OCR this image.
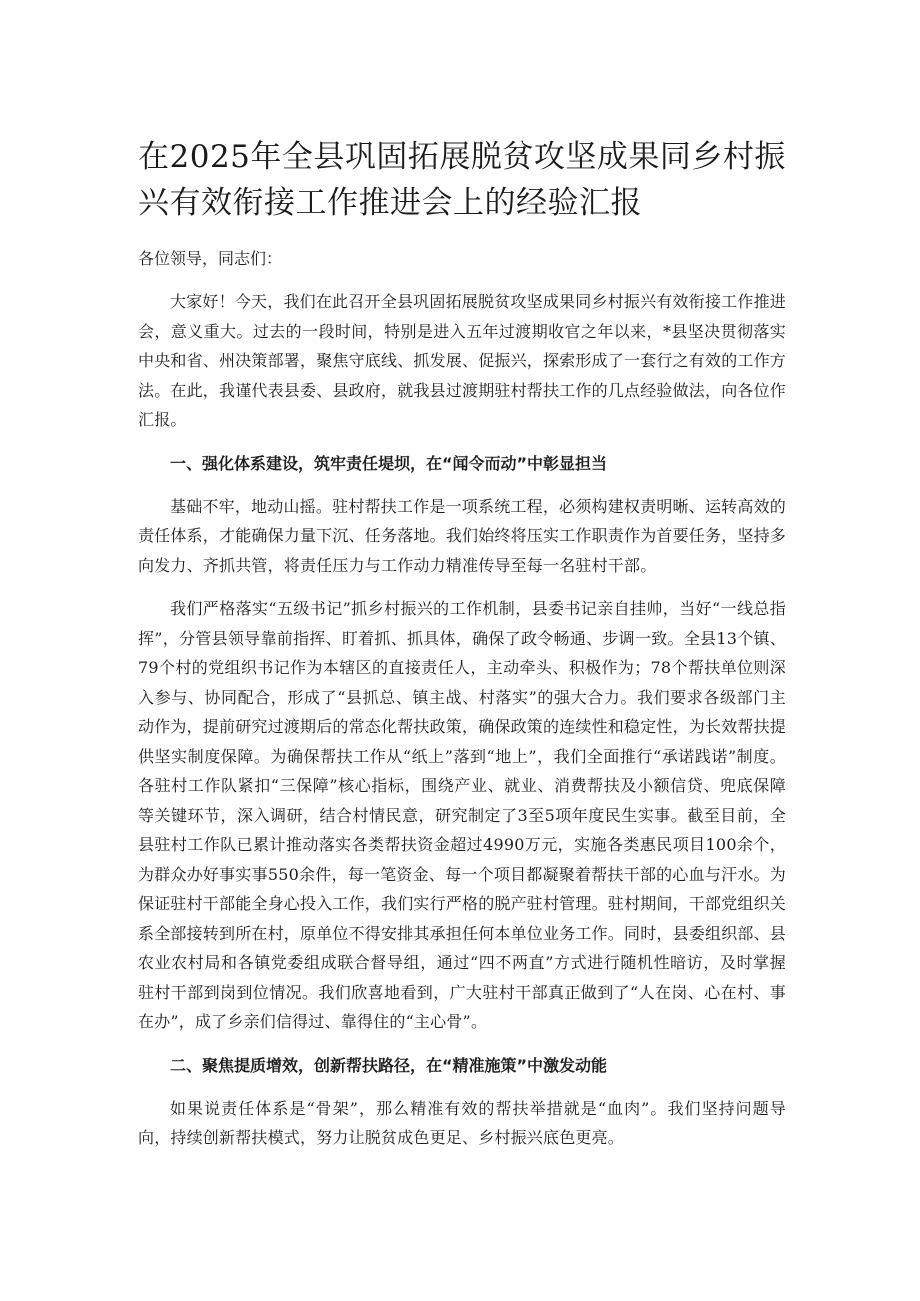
在2025年全县巩固拓展脱贫攻坚成果同乡村振兴有效衔接工作推进会上的经验汇报
各位领导，同志们：

大家好！今天，我们在此召开全县巩固拓展脱贫攻坚成果同乡村振兴有效衔接工作推进会，意义重大。过去的一段时间，特别是进入五年过渡期收官之年以来，*县坚决贯彻落实中央和省、州决策部署，聚焦守底线、抓发展、促振兴，探索形成了一套行之有效的工作方法。在此，我谨代表县委、县政府，就我县过渡期驻村帮扶工作的几点经验做法，向各位作汇报。

一、强化体系建设，筑牢责任堤坝，在“闻令而动”中彰显担当

基础不牢，地动山摇。驻村帮扶工作是一项系统工程，必须构建权责明晰、运转高效的责任体系，才能确保力量下沉、任务落地。我们始终将压实工作职责作为首要任务，坚持多向发力、齐抓共管，将责任压力与工作动力精准传导至每一名驻村干部。

我们严格落实“五级书记”抓乡村振兴的工作机制，县委书记亲自挂帅，当好“一线总指挥”，分管县领导靠前指挥、盯着抓、抓具体，确保了政令畅通、步调一致。全县13个镇、79个村的党组织书记作为本辖区的直接责任人，主动牵头、积极作为；78个帮扶单位则深入参与、协同配合，形成了“县抓总、镇主战、村落实”的强大合力。我们要求各级部门主动作为，提前研究过渡期后的常态化帮扶政策，确保政策的连续性和稳定性，为长效帮扶提供坚实制度保障。为确保帮扶工作从“纸上”落到“地上”，我们全面推行“承诺践诺”制度。各驻村工作队紧扣“三保障”核心指标，围绕产业、就业、消费帮扶及小额信贷、兜底保障等关键环节，深入调研，结合村情民意，研究制定了3至5项年度民生实事。截至目前，全县驻村工作队已累计推动落实各类帮扶资金超过4990万元，实施各类惠民项目100余个，为群众办好事实事550余件，每一笔资金、每一个项目都凝聚着帮扶干部的心血与汗水。为保证驻村干部能全身心投入工作，我们实行严格的脱产驻村管理。驻村期间，干部党组织关系全部接转到所在村，原单位不得安排其承担任何本单位业务工作。同时，县委组织部、县农业农村局和各镇党委组成联合督导组，通过“四不两直”方式进行随机性暗访，及时掌握驻村干部到岗到位情况。我们欣喜地看到，广大驻村干部真正做到了“人在岗、心在村、事在办”，成了乡亲们信得过、靠得住的“主心骨”。

二、聚焦提质增效，创新帮扶路径，在“精准施策”中激发动能

如果说责任体系是“骨架”，那么精准有效的帮扶举措就是“血肉”。我们坚持问题导向，持续创新帮扶模式，努力让脱贫成色更足、乡村振兴底色更亮。
